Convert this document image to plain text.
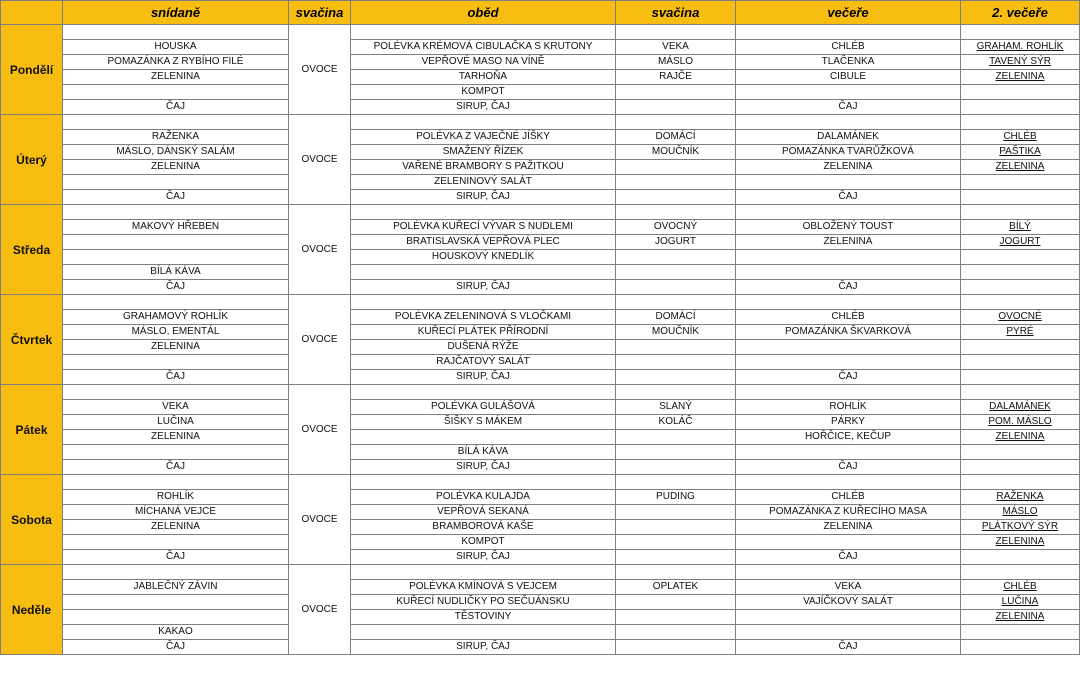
	snídaně	svačina	oběd	svačina	večeře	2. večeře
Pondělí		OVOCE				
	HOUSKA		POLÉVKA KRÉMOVÁ CIBULAČKA S KRUTONY	VEKA	CHLÉB	GRAHAM. ROHLÍK
	POMAZÁNKA Z RYBÍHO FILÉ		VEPŘOVÉ MASO NA VÍNĚ	MÁSLO	TLAČENKA	TAVENÝ SÝR
	ZELENINA		TARHOŇA	RAJČE	CIBULE	ZELENINA
			KOMPOT			
	ČAJ		SIRUP, ČAJ		ČAJ	
Úterý		OVOCE				
	RAŽENKA		POLÉVKA Z VAJEČNÉ JÍŠKY	DOMÁCÍ	DALAMÁNEK	CHLÉB
	MÁSLO, DÁNSKÝ SALÁM		SMAŽENÝ ŘÍZEK	MOUČNÍK	POMAZÁNKA TVARŮŽKOVÁ	PAŠTIKA
	ZELENINA		VAŘENÉ BRAMBORY S PAŽITKOU		ZELENINA	ZELENINA
			ZELENINOVÝ SALÁT			
	ČAJ		SIRUP, ČAJ		ČAJ	
Středa		OVOCE				
	MAKOVÝ HŘEBEN		POLÉVKA KUŘECÍ VÝVAR S NUDLEMI	OVOCNÝ	OBLOŽENÝ TOUST	BÍLÝ
			BRATISLAVSKÁ VEPŘOVÁ PLEC	JOGURT	ZELENINA	JOGURT
			HOUSKOVÝ KNEDLÍK			
	BÍLÁ KÁVA					
	ČAJ		SIRUP, ČAJ		ČAJ	
Čtvrtek		OVOCE				
	GRAHAMOVÝ ROHLÍK		POLÉVKA ZELENINOVÁ S VLOČKAMI	DOMÁCÍ	CHLÉB	OVOCNÉ
	MÁSLO, EMENTÁL		KUŘECÍ PLÁTEK PŘÍRODNÍ	MOUČNÍK	POMAZÁNKA ŠKVARKOVÁ	PYRÉ
	ZELENINA		DUŠENÁ RÝŽE			
			RAJČATOVÝ SALÁT			
	ČAJ		SIRUP, ČAJ		ČAJ	
Pátek		OVOCE				
	VEKA		POLÉVKA GULÁŠOVÁ	SLANÝ	ROHLÍK	DALAMÁNEK
	LUČINA		ŠIŠKY S MÁKEM	KOLÁČ	PÁRKY	POM. MÁSLO
	ZELENINA				HOŘČICE, KEČUP	ZELENINA
			BÍLÁ KÁVA			
	ČAJ		SIRUP, ČAJ		ČAJ	
Sobota		OVOCE				
	ROHLÍK		POLÉVKA KULAJDA	PUDING	CHLÉB	RAŽENKA
	MÍCHANÁ VEJCE		VEPŘOVÁ SEKANÁ		POMAZÁNKA Z KUŘECÍHO MASA	MÁSLO
	ZELENINA		BRAMBOROVÁ KAŠE		ZELENINA	PLÁTKOVÝ SÝR
			KOMPOT			ZELENINA
	ČAJ		SIRUP, ČAJ		ČAJ	
Neděle		OVOCE				
	JABLEČNÝ ZÁVIN		POLÉVKA KMÍNOVÁ S VEJCEM	OPLATEK	VEKA	CHLÉB
			KUŘECÍ NUDLIČKY PO SEČUÁNSKU		VAJÍČKOVÝ SALÁT	LUČINA
			TĚSTOVINY			ZELENINA
	KAKAO					
	ČAJ		SIRUP, ČAJ		ČAJ	
